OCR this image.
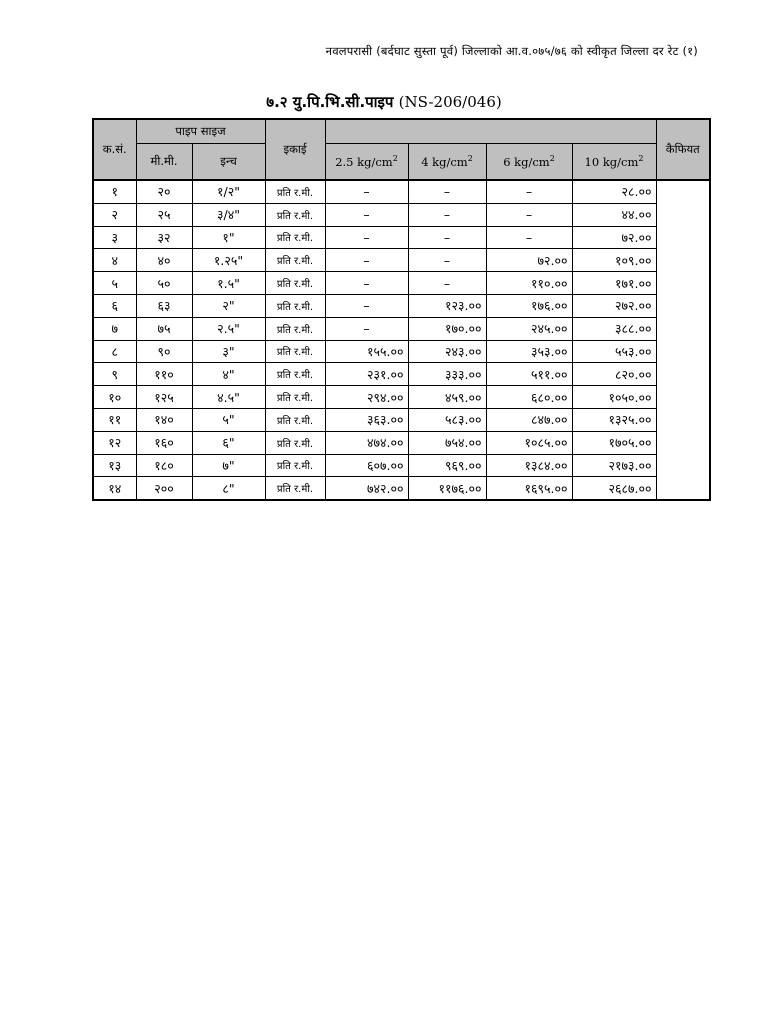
नवलपरासी (बर्दघाट सुस्ता पूर्व) जिल्लाको आ.व.०७५/७६ को स्वीकृत जिल्ला दर रेट (१)
७.२ यु.पि.भि.सी.पाइप (NS-206/046)
क.सं.	पाइप साइज		इकाई					कैफियत
	मी.मी.	इन्च		2.5 $kg/cm^2$	4 $kg/cm^2$	6 $kg/cm^2$	10 $kg/cm^2$
१	२०	१/२"	प्रति र.मी.	–	–	–	२८.००	
२	२५	३/४"	प्रति र.मी.	–	–	–	४४.००	
३	३२	१"	प्रति र.मी.	–	–	–	७२.००	
४	४०	१.२५"	प्रति र.मी.	–	–	७२.००	१०९.००	
५	५०	१.५"	प्रति र.मी.	–	–	११०.००	१७१.००	
६	६३	२"	प्रति र.मी.	–	१२३.००	१७६.००	२७२.००	
७	७५	२.५"	प्रति र.मी.	–	१७०.००	२४५.००	३८८.००	
८	९०	३"	प्रति र.मी.	१५५.००	२४३.००	३५३.००	५५३.००	
९	११०	४"	प्रति र.मी.	२३१.००	३३३.००	५११.००	८२०.००	
१०	१२५	४.५"	प्रति र.मी.	२९४.००	४५९.००	६८०.००	१०५०.००	
११	१४०	५"	प्रति र.मी.	३६३.००	५८३.००	८४७.००	१३२५.००	
१२	१६०	६"	प्रति र.मी.	४७४.००	७५४.००	१०८५.००	१७०५.००	
१३	१८०	७"	प्रति र.मी.	६०७.००	९६९.००	१३८४.००	२१७३.००	
१४	२००	८"	प्रति र.मी.	७४२.००	११७६.००	१६९५.००	२६८७.००	
